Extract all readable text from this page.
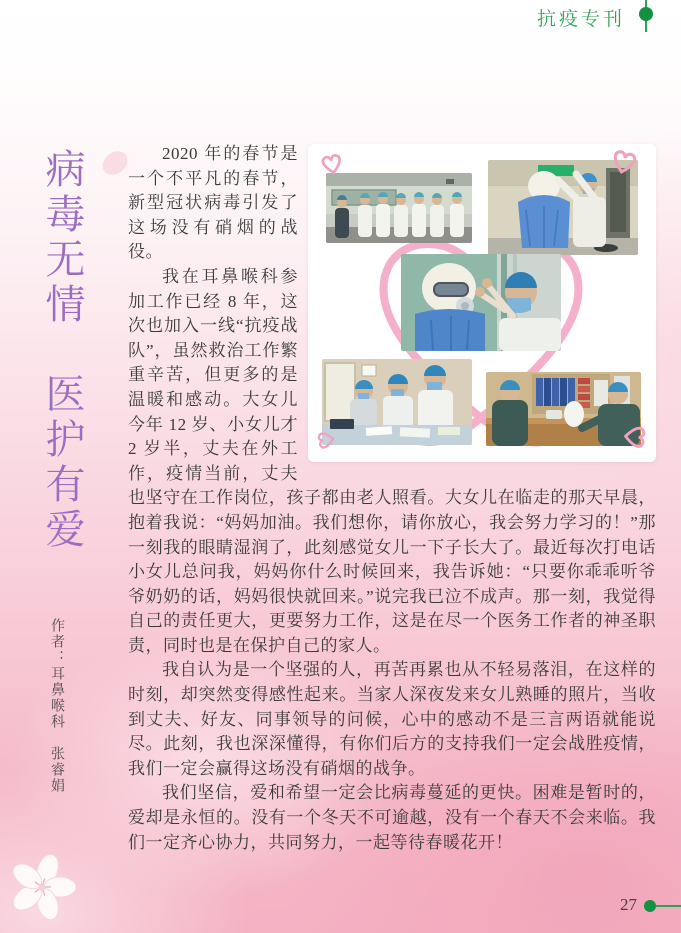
抗疫专刊
病毒无情　医护有爱
作者：耳鼻喉科　张睿娟

2020 年的春节是一个不平凡的春节，新型冠状病毒引发了这场没有硝烟的战役。

我在耳鼻喉科参加工作已经 8 年，这次也加入一线“抗疫战队”，虽然救治工作繁重辛苦，但更多的是温暖和感动。大女儿今年 12 岁、小女儿才 2 岁半，丈夫在外工作，疫情当前，丈夫也坚守在工作岗位，孩子都由老人照看。大女儿在临走的那天早晨，抱着我说：“妈妈加油。我们想你，请你放心，我会努力学习的！”那一刻我的眼睛湿润了，此刻感觉女儿一下子长大了。最近每次打电话小女儿总问我，妈妈你什么时候回来，我告诉她：“只要你乖乖听爷爷奶奶的话，妈妈很快就回来。”说完我已泣不成声。那一刻，我觉得自己的责任更大，更要努力工作，这是在尽一个医务工作者的神圣职责，同时也是在保护自己的家人。

我自认为是一个坚强的人，再苦再累也从不轻易落泪，在这样的时刻，却突然变得感性起来。当家人深夜发来女儿熟睡的照片，当收到丈夫、好友、同事领导的问候，心中的感动不是三言两语就能说尽。此刻，我也深深懂得，有你们后方的支持我们一定会战胜疫情，我们一定会赢得这场没有硝烟的战争。

我们坚信，爱和希望一定会比病毒蔓延的更快。困难是暂时的，爱却是永恒的。没有一个冬天不可逾越，没有一个春天不会来临。我们一定齐心协力，共同努力，一起等待春暖花开！

27
